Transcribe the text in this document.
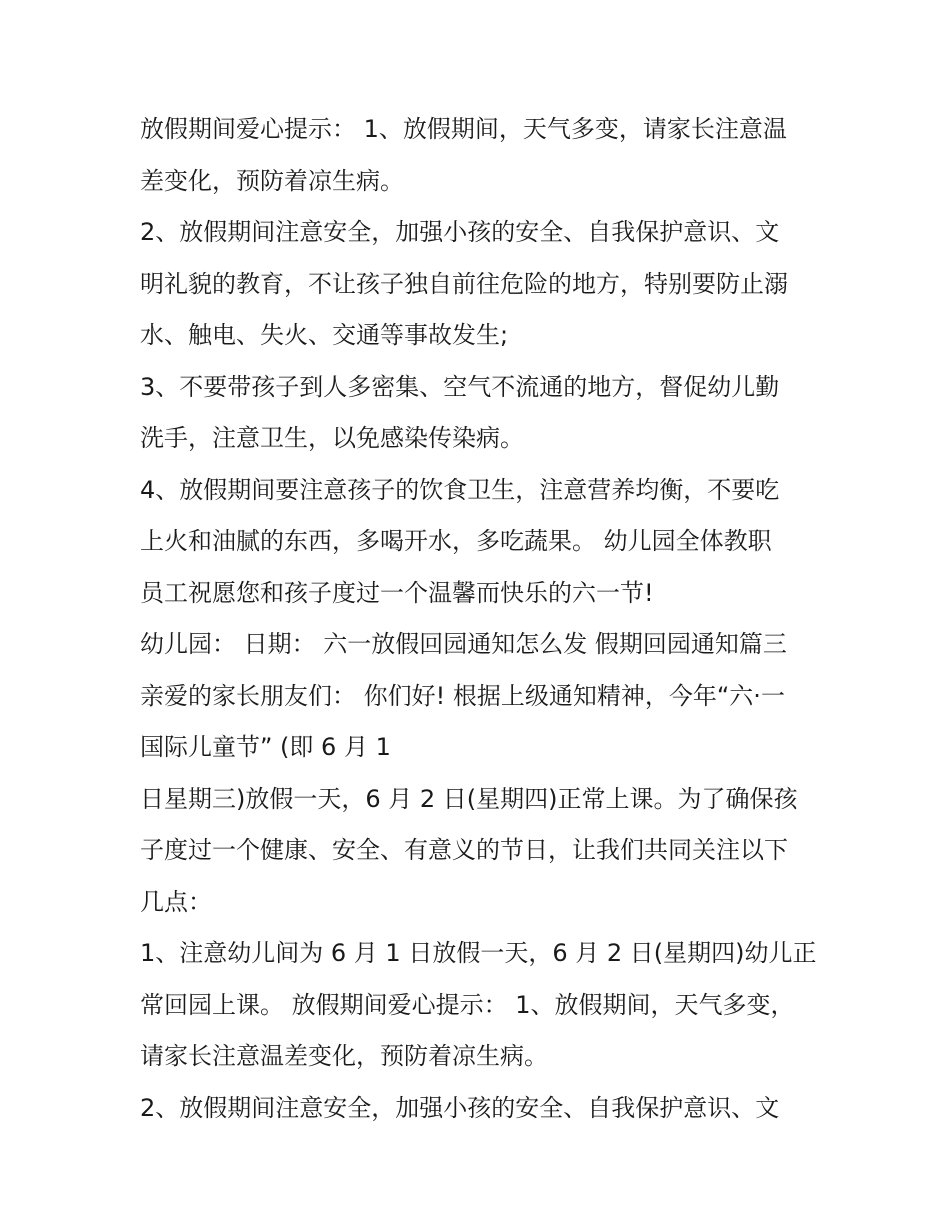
放假期间爱心提示： 1、放假期间，天气多变，请家长注意温
差变化，预防着凉生病。
2、放假期间注意安全，加强小孩的安全、自我保护意识、文
明礼貌的教育，不让孩子独自前往危险的地方，特别要防止溺
水、触电、失火、交通等事故发生;
3、不要带孩子到人多密集、空气不流通的地方，督促幼儿勤
洗手，注意卫生，以免感染传染病。
4、放假期间要注意孩子的饮食卫生，注意营养均衡，不要吃
上火和油腻的东西，多喝开水，多吃蔬果。 幼儿园全体教职
员工祝愿您和孩子度过一个温馨而快乐的六一节!
幼儿园： 日期： 六一放假回园通知怎么发 假期回园通知篇三
亲爱的家长朋友们： 你们好! 根据上级通知精神，今年“六·一
国际儿童节” (即 6 月 1
日星期三)放假一天，6 月 2 日(星期四)正常上课。为了确保孩
子度过一个健康、安全、有意义的节日，让我们共同关注以下
几点：
1、注意幼儿间为 6 月 1 日放假一天，6 月 2 日(星期四)幼儿正
常回园上课。 放假期间爱心提示： 1、放假期间，天气多变，
请家长注意温差变化，预防着凉生病。
2、放假期间注意安全，加强小孩的安全、自我保护意识、文
